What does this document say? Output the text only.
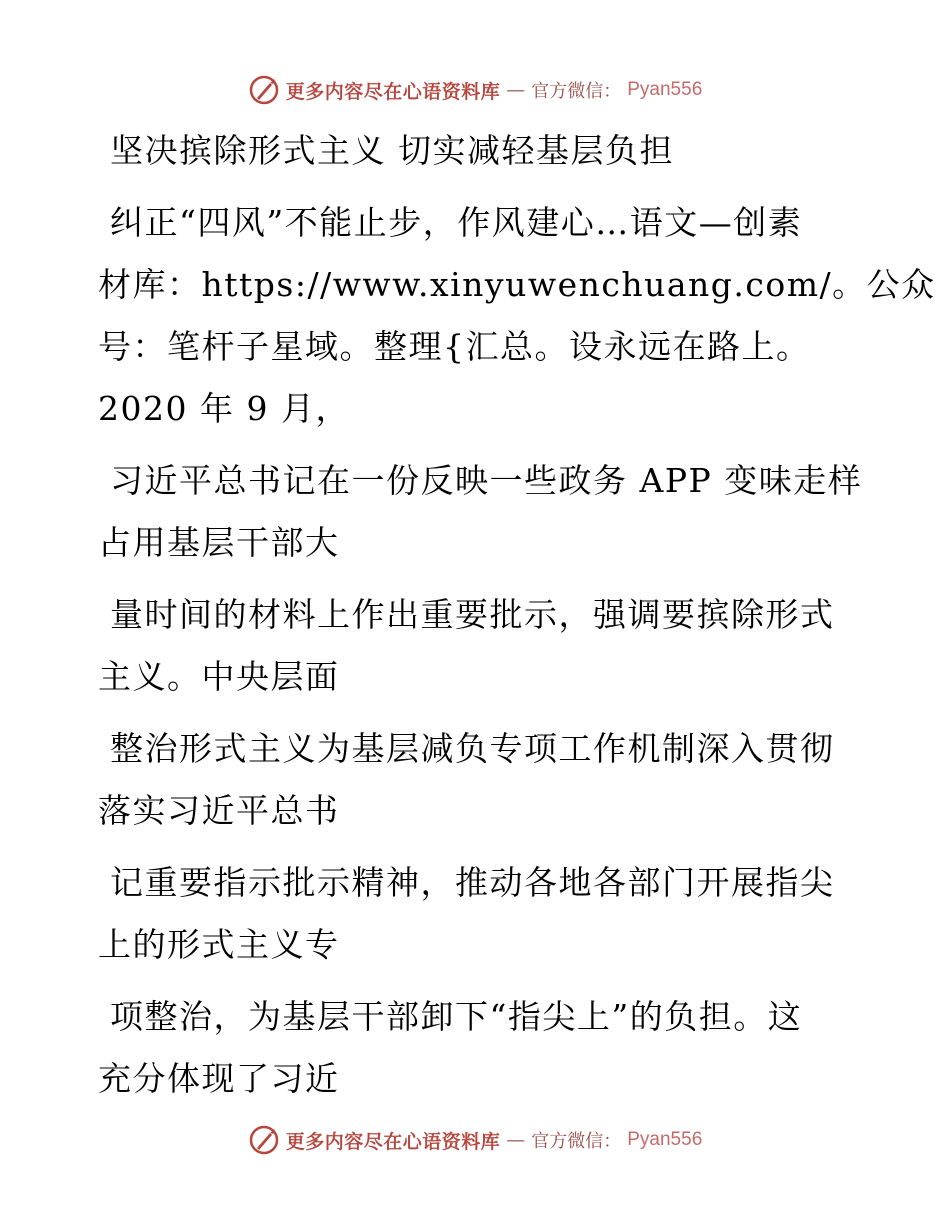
更多内容尽在心语资料库 — 官方微信： Pyan556
坚决摈除形式主义 切实减轻基层负担
纠正“四风”不能止步，作风建心…语文—创素
材库：https://www.xinyuwenchuang.com/。公众
号：笔杆子星域。整理{汇总。设永远在路上。
2020 年 9 月，
习近平总书记在一份反映一些政务 APP 变味走样
占用基层干部大
量时间的材料上作出重要批示，强调要摈除形式
主义。中央层面
整治形式主义为基层减负专项工作机制深入贯彻
落实习近平总书
记重要指示批示精神，推动各地各部门开展指尖
上的形式主义专
项整治，为基层干部卸下“指尖上”的负担。这
充分体现了习近
更多内容尽在心语资料库 — 官方微信： Pyan556
